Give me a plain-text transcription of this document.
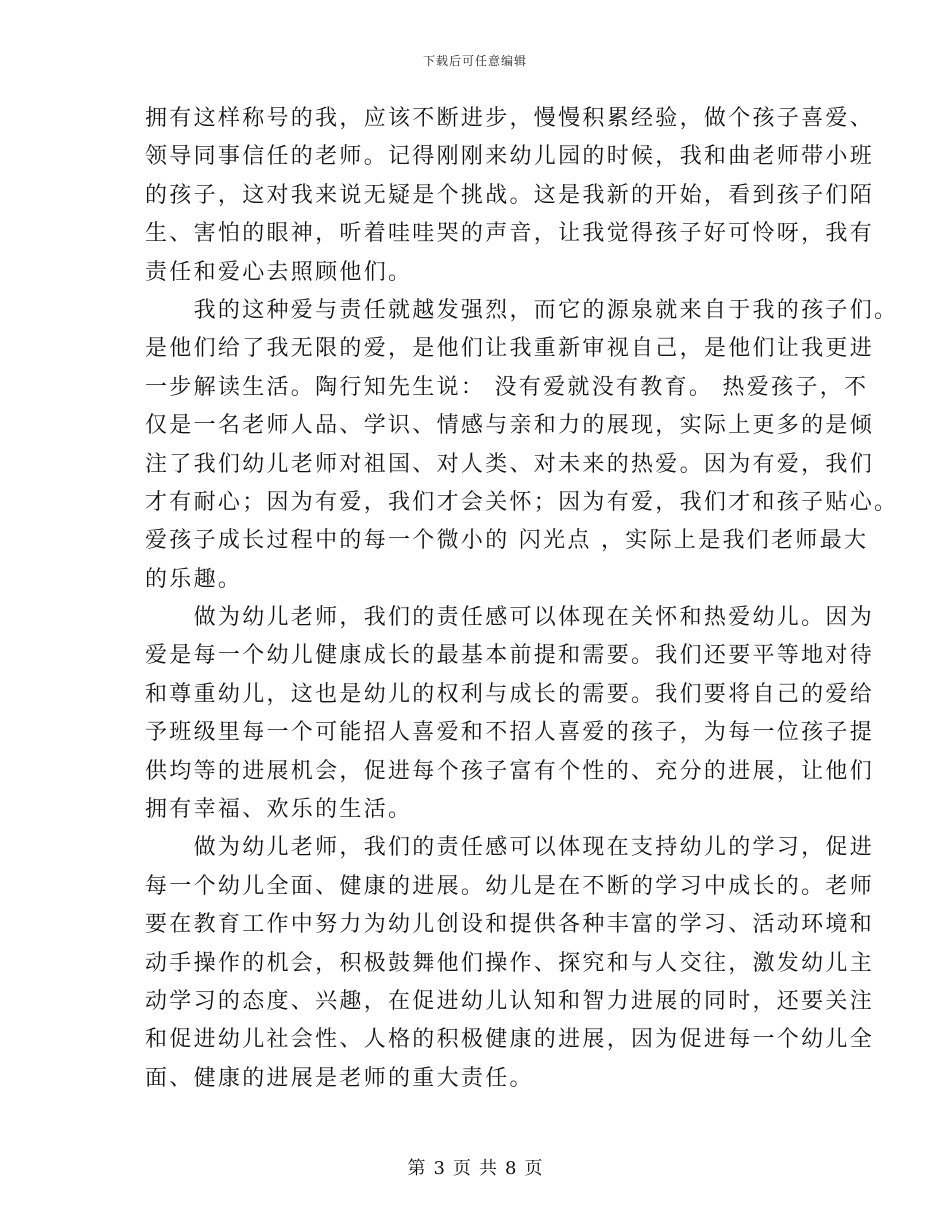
下载后可任意编辑
拥有这样称号的我，应该不断进步，慢慢积累经验，做个孩子喜爱、
领导同事信任的老师。记得刚刚来幼儿园的时候，我和曲老师带小班
的孩子，这对我来说无疑是个挑战。这是我新的开始，看到孩子们陌
生、害怕的眼神，听着哇哇哭的声音，让我觉得孩子好可怜呀，我有
责任和爱心去照顾他们。
　　我的这种爱与责任就越发强烈，而它的源泉就来自于我的孩子们。
是他们给了我无限的爱，是他们让我重新审视自己，是他们让我更进
一步解读生活。陶行知先生说： 没有爱就没有教育。 热爱孩子，不
仅是一名老师人品、学识、情感与亲和力的展现，实际上更多的是倾
注了我们幼儿老师对祖国、对人类、对未来的热爱。因为有爱，我们
才有耐心；因为有爱，我们才会关怀；因为有爱，我们才和孩子贴心。
爱孩子成长过程中的每一个微小的 闪光点 ，实际上是我们老师最大
的乐趣。
　　做为幼儿老师，我们的责任感可以体现在关怀和热爱幼儿。因为
爱是每一个幼儿健康成长的最基本前提和需要。我们还要平等地对待
和尊重幼儿，这也是幼儿的权利与成长的需要。我们要将自己的爱给
予班级里每一个可能招人喜爱和不招人喜爱的孩子，为每一位孩子提
供均等的进展机会，促进每个孩子富有个性的、充分的进展，让他们
拥有幸福、欢乐的生活。
　　做为幼儿老师，我们的责任感可以体现在支持幼儿的学习，促进
每一个幼儿全面、健康的进展。幼儿是在不断的学习中成长的。老师
要在教育工作中努力为幼儿创设和提供各种丰富的学习、活动环境和
动手操作的机会，积极鼓舞他们操作、探究和与人交往，激发幼儿主
动学习的态度、兴趣，在促进幼儿认知和智力进展的同时，还要关注
和促进幼儿社会性、人格的积极健康的进展，因为促进每一个幼儿全
面、健康的进展是老师的重大责任。
第 3 页 共 8 页
